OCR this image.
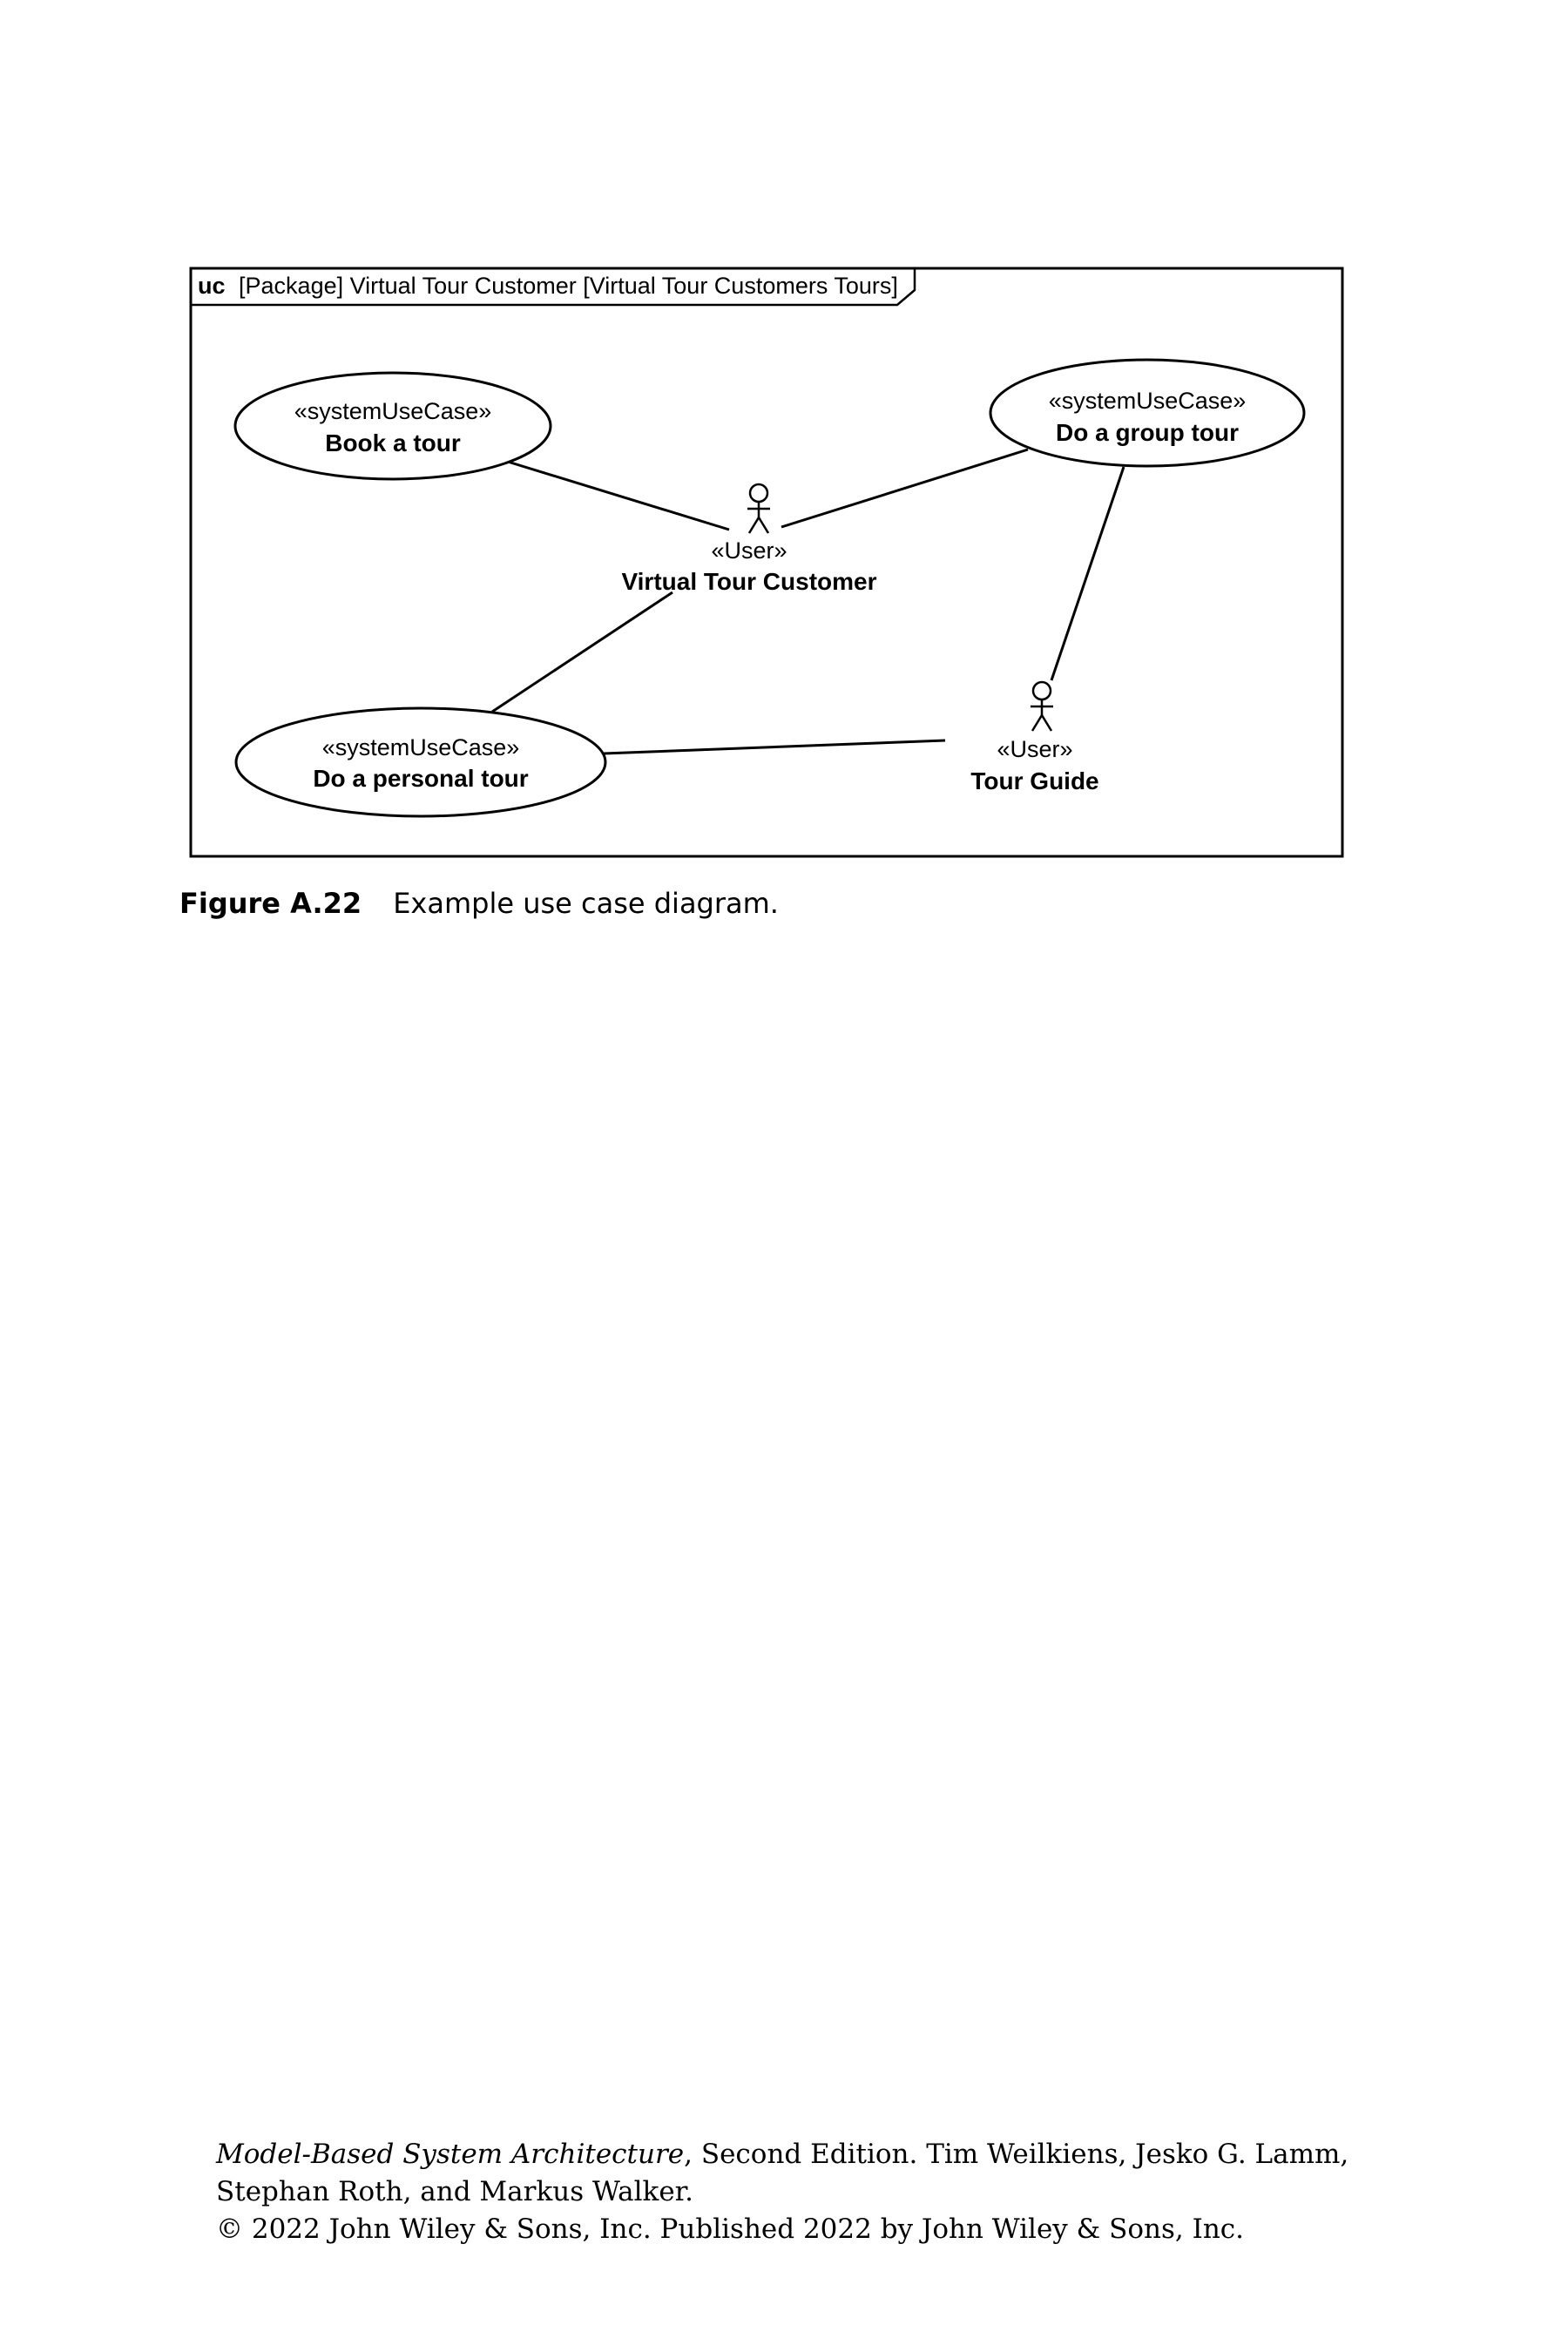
uc [Package] Virtual Tour Customer [Virtual Tour Customers Tours]
«systemUseCase»
Book a tour
«systemUseCase»
Do a group tour
«systemUseCase»
Do a personal tour
«User»
Virtual Tour Customer
«User»
Tour Guide
Figure A.22 Example use case diagram.
Model-Based System Architecture, Second Edition. Tim Weilkiens, Jesko G. Lamm,
Stephan Roth, and Markus Walker.
© 2022 John Wiley & Sons, Inc. Published 2022 by John Wiley & Sons, Inc.
